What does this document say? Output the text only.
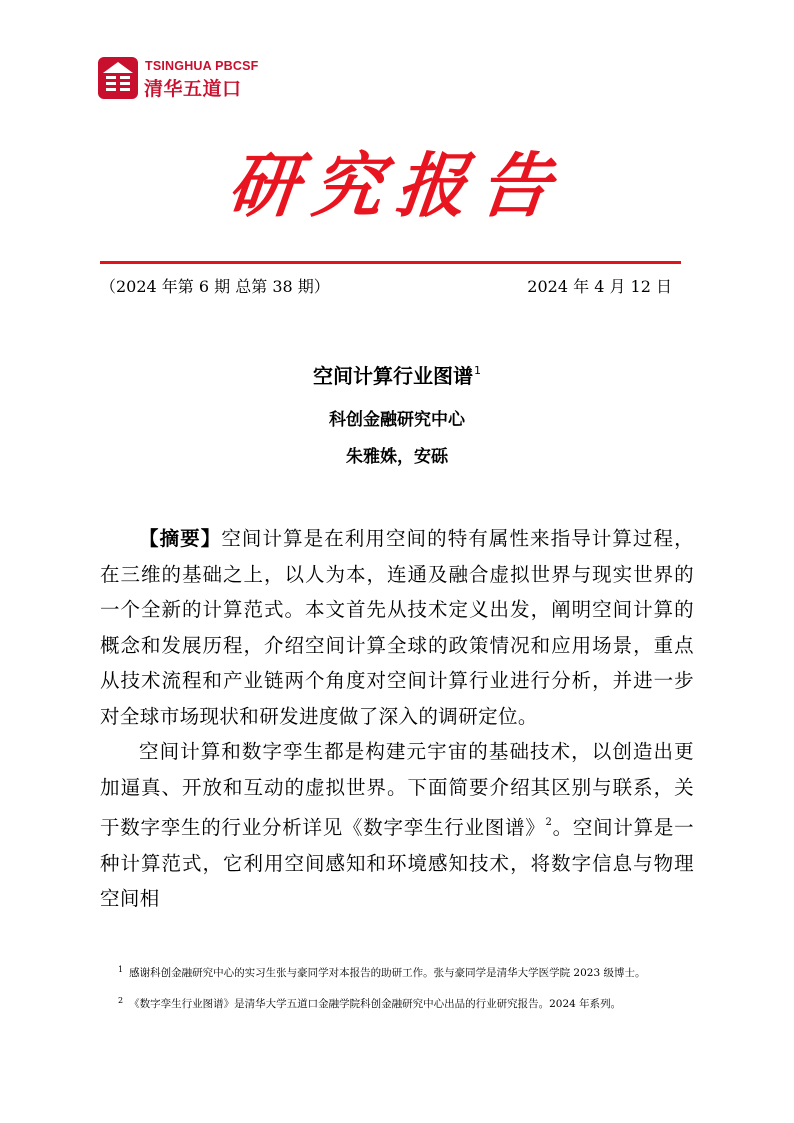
TSINGHUA PBCSF
清华五道口
研究报告
（2024 年第 6 期 总第 38 期）	2024 年 4 月 12 日
空间计算行业图谱$^1$
科创金融研究中心
朱雅姝，安砾

【摘要】空间计算是在利用空间的特有属性来指导计算过程，在三维的基础之上，以人为本，连通及融合虚拟世界与现实世界的一个全新的计算范式。本文首先从技术定义出发，阐明空间计算的概念和发展历程，介绍空间计算全球的政策情况和应用场景，重点从技术流程和产业链两个角度对空间计算行业进行分析，并进一步对全球市场现状和研发进度做了深入的调研定位。

空间计算和数字孪生都是构建元宇宙的基础技术，以创造出更加逼真、开放和互动的虚拟世界。下面简要介绍其区别与联系，关于数字孪生的行业分析详见《数字孪生行业图谱》$^2$。空间计算是一种计算范式，它利用空间感知和环境感知技术，将数字信息与物理空间相

$^1$ 感谢科创金融研究中心的实习生张与豪同学对本报告的助研工作。张与豪同学是清华大学医学院 2023 级博士。

$^2$ 《数字孪生行业图谱》是清华大学五道口金融学院科创金融研究中心出品的行业研究报告。2024 年系列。
